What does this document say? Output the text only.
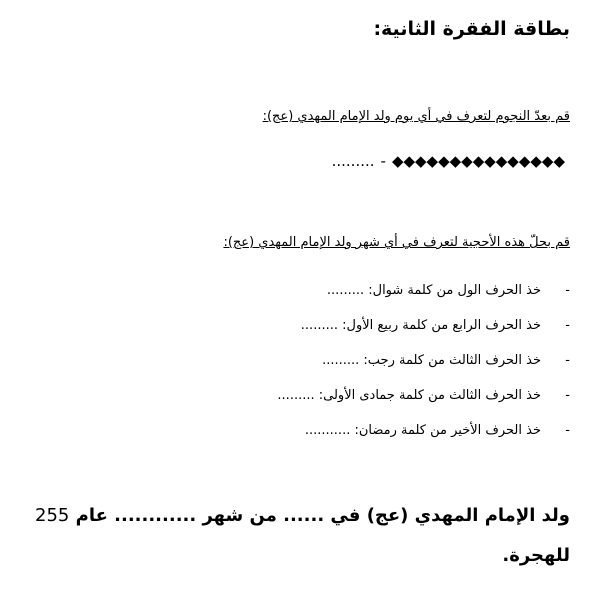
بطاقة الفقرة الثانية:
قم بعدّ النجوم لتعرف في أي يوم ولد الإمام المهدي (عج):
◆◆◆◆◆◆◆◆◆◆◆◆◆◆◆-.........
قم بحلّ هذه الأحجية لتعرف في أي شهر ولد الإمام المهدي (عج):
-
خذ الحرف الول من كلمة شوال: .........
-
خذ الحرف الرابع من كلمة ربيع الأول: .........
-
خذ الحرف الثالث من كلمة رجب: .........
-
خذ الحرف الثالث من كلمة جمادى الأولى: .........
-
خذ الحرف الأخير من كلمة رمضان: ...........
ولد الإمام المهدي (عج) في ...... من شهر ............ عام 255 للهجرة.
